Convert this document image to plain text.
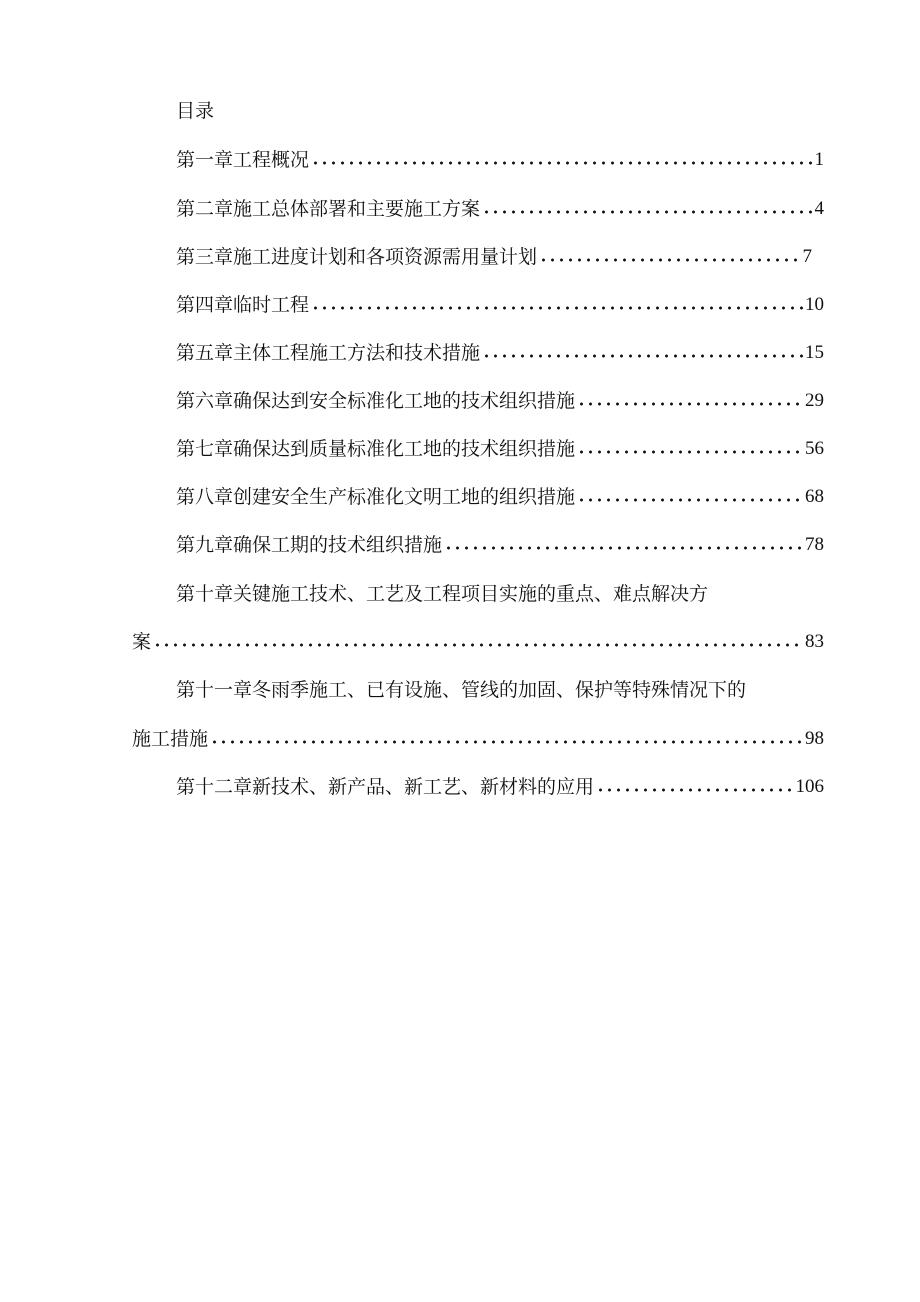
目录
第一章工程概况	1
第二章施工总体部署和主要施工方案	4
第三章施工进度计划和各项资源需用量计划	7
第四章临时工程	10
第五章主体工程施工方法和技术措施	15
第六章确保达到安全标准化工地的技术组织措施	29
第七章确保达到质量标准化工地的技术组织措施	56
第八章创建安全生产标准化文明工地的组织措施	68
第九章确保工期的技术组织措施	78
第十章关键施工技术、工艺及工程项目实施的重点、难点解决方
案	83
第十一章冬雨季施工、已有设施、管线的加固、保护等特殊情况下的
施工措施	98
第十二章新技术、新产品、新工艺、新材料的应用	106
